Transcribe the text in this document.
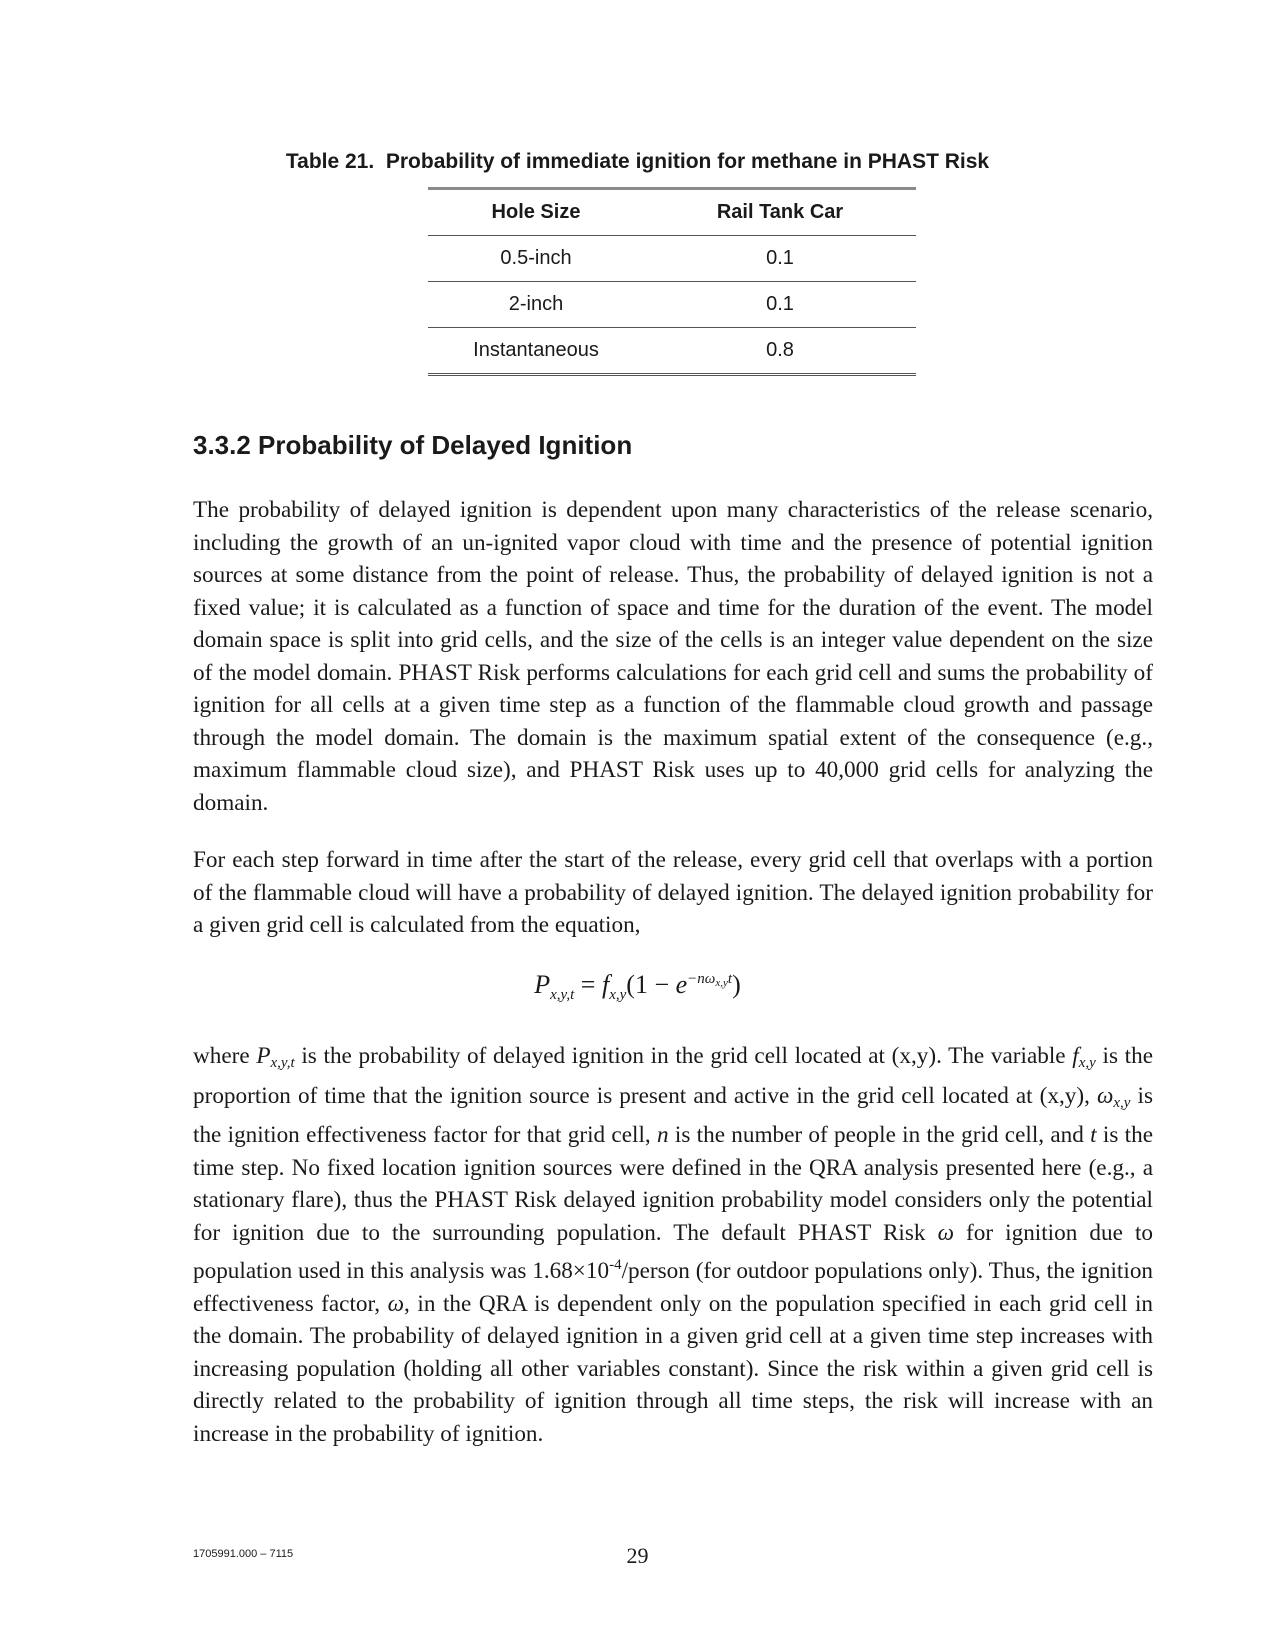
Table 21.  Probability of immediate ignition for methane in PHAST Risk
Hole Size	Rail Tank Car
0.5-inch	0.1
2-inch	0.1
Instantaneous	0.8
3.3.2 Probability of Delayed Ignition

The probability of delayed ignition is dependent upon many characteristics of the release scenario, including the growth of an un-ignited vapor cloud with time and the presence of potential ignition sources at some distance from the point of release. Thus, the probability of delayed ignition is not a fixed value; it is calculated as a function of space and time for the duration of the event. The model domain space is split into grid cells, and the size of the cells is an integer value dependent on the size of the model domain. PHAST Risk performs calculations for each grid cell and sums the probability of ignition for all cells at a given time step as a function of the flammable cloud growth and passage through the model domain. The domain is the maximum spatial extent of the consequence (e.g., maximum flammable cloud size), and PHAST Risk uses up to 40,000 grid cells for analyzing the domain.

For each step forward in time after the start of the release, every grid cell that overlaps with a portion of the flammable cloud will have a probability of delayed ignition. The delayed ignition probability for a given grid cell is calculated from the equation,

$P_{x,y,t} = f_{x,y}(1 - e^{-n\omega_{x,y}t})$

where Px,y,t is the probability of delayed ignition in the grid cell located at (x,y). The variable fx,y is the proportion of time that the ignition source is present and active in the grid cell located at (x,y), ωx,y is the ignition effectiveness factor for that grid cell, n is the number of people in the grid cell, and t is the time step. No fixed location ignition sources were defined in the QRA analysis presented here (e.g., a stationary flare), thus the PHAST Risk delayed ignition probability model considers only the potential for ignition due to the surrounding population. The default PHAST Risk ω for ignition due to population used in this analysis was $1.68\times 10^{-4}$/person (for outdoor populations only). Thus, the ignition effectiveness factor, ω, in the QRA is dependent only on the population specified in each grid cell in the domain. The probability of delayed ignition in a given grid cell at a given time step increases with increasing population (holding all other variables constant). Since the risk within a given grid cell is directly related to the probability of ignition through all time steps, the risk will increase with an increase in the probability of ignition.

1705991.000 – 7115	29
